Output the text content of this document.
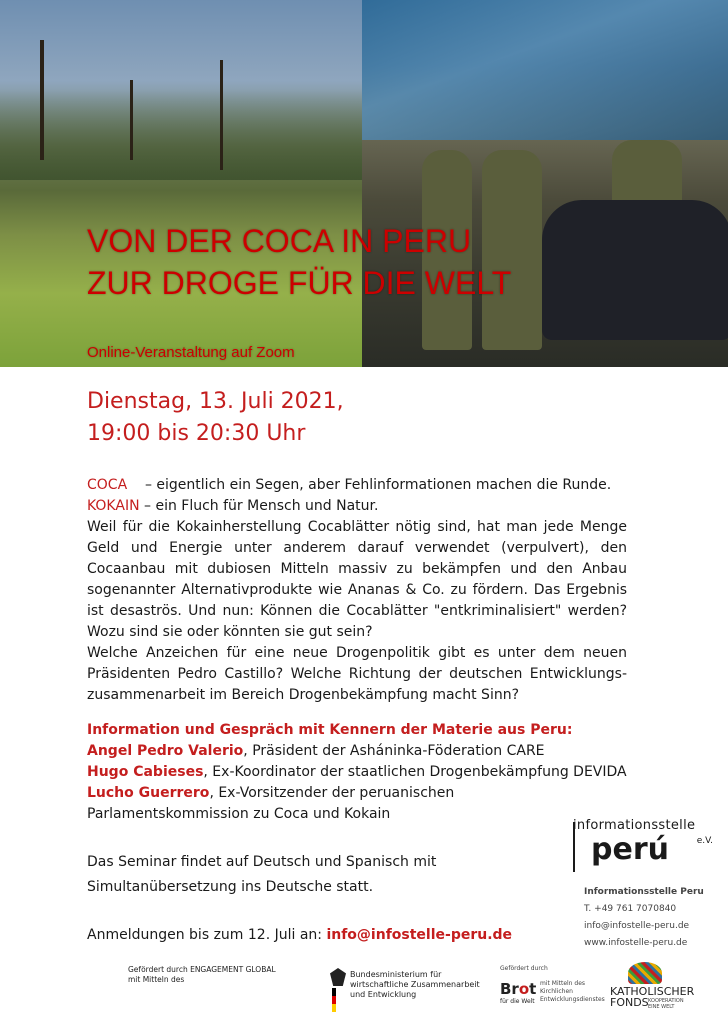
VON DER COCA IN PERU
ZUR DROGE FÜR DIE WELT
Online-Veranstaltung auf Zoom
Dienstag, 13. Juli 2021,
19:00 bis 20:30 Uhr

COCA – eigentlich ein Segen, aber Fehlinformationen machen die Runde.

KOKAIN – ein Fluch für Mensch und Natur.

Weil für die Kokainherstellung Cocablätter nötig sind, hat man jede Menge Geld und Energie unter anderem darauf verwendet (verpulvert), den Cocaanbau mit dubiosen Mitteln massiv zu bekämpfen und den Anbau sogenannter Alternativprodukte wie Ananas & Co. zu fördern. Das Ergebnis ist desaströs. Und nun: Können die Cocablätter "entkriminalisiert" werden? Wozu sind sie oder könnten sie gut sein?

Welche Anzeichen für eine neue Drogenpolitik gibt es unter dem neuen Präsidenten Pedro Castillo? Welche Richtung der deutschen Entwicklungs-zusammenarbeit im Bereich Drogenbekämpfung macht Sinn?

Information und Gespräch mit Kennern der Materie aus Peru:

Angel Pedro Valerio, Präsident der Asháninka-Föderation CARE

Hugo Cabieses, Ex-Koordinator der staatlichen Drogenbekämpfung DEVIDA

Lucho Guerrero, Ex-Vorsitzender der peruanischen Parlamentskommission zu Coca und Kokain

Das Seminar findet auf Deutsch und Spanisch mit
Simultanübersetzung ins Deutsche statt.
Anmeldungen bis zum 12. Juli an: info@infostelle-peru.de
informationsstelle
perú	e.V.
Informationsstelle Peru
T. +49 761 7070840
info@infostelle-peru.de
www.infostelle-peru.de
Gefördert durch ENGAGEMENT GLOBAL
mit Mitteln des
Bundesministerium für
wirtschaftliche Zusammenarbeit
und Entwicklung
Gefördert durch
Brot
für die Welt
mit Mitteln des Kirchlichen Entwicklungsdienstes
KATHOLISCHER
FONDS KOOPERATION EINE WELT
